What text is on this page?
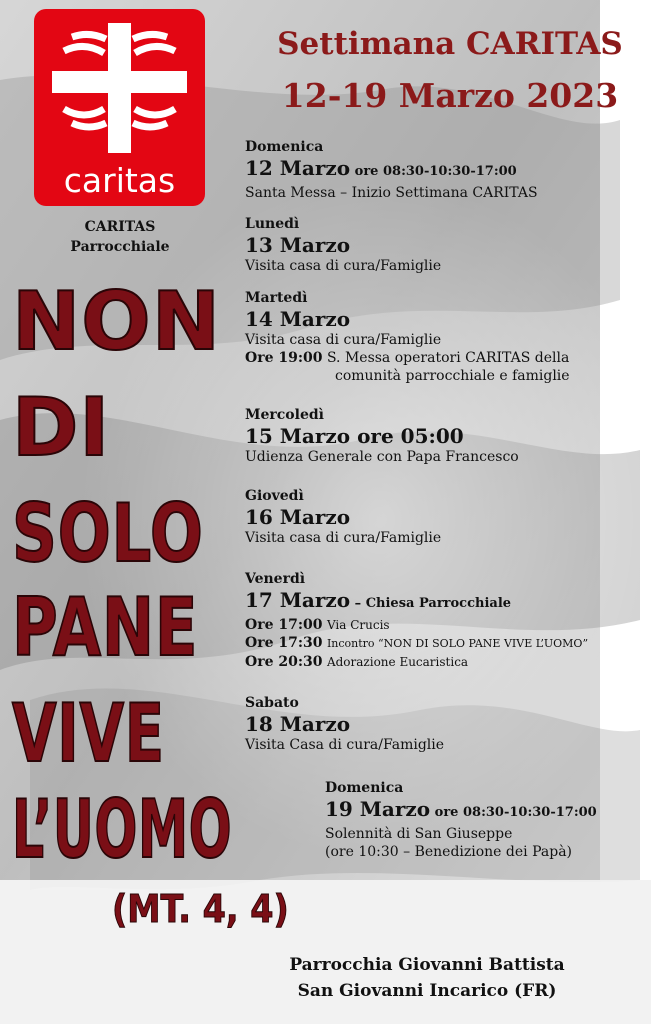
caritas
CARITAS
Parrocchiale
Settimana CARITAS
12-19 Marzo 2023
NON
DI
SOLO
PANE
VIVE
L’UOMO
(MT. 4, 4)
Domenica
12 Marzo ore 08:30-10:30-17:00
Santa Messa – Inizio Settimana CARITAS
Lunedì
13 Marzo
Visita casa di cura/Famiglie
Martedì
14 Marzo
Visita casa di cura/Famiglie
Ore 19:00 S. Messa operatori CARITAS della
comunità parrocchiale e famiglie
Mercoledì
15 Marzo ore 05:00
Udienza Generale con Papa Francesco
Giovedì
16 Marzo
Visita casa di cura/Famiglie
Venerdì
17 Marzo – Chiesa Parrocchiale
Ore 17:00 Via Crucis
Ore 17:30 Incontro “NON DI SOLO PANE VIVE L’UOMO”
Ore 20:30 Adorazione Eucaristica
Sabato
18 Marzo
Visita Casa di cura/Famiglie
Domenica
19 Marzo ore 08:30-10:30-17:00
Solennità di San Giuseppe
(ore 10:30 – Benedizione dei Papà)
Parrocchia Giovanni Battista
San Giovanni Incarico (FR)
